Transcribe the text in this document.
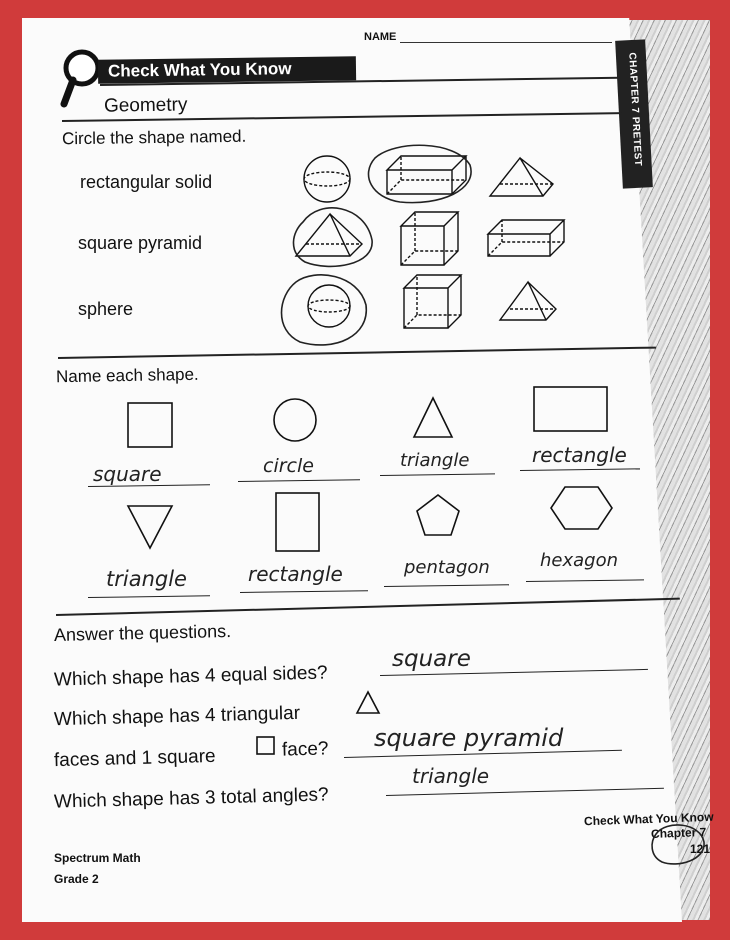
CHAPTER 7 PRETEST
NAME
Check What You Know
Geometry
Circle the shape named.
rectangular solid
square pyramid
sphere
Name each shape.
square	circle	triangle	rectangle
triangle	rectangle	pentagon	hexagon
Answer the questions.
Which shape has 4 equal sides?
square
Which shape has 4 triangular
faces and 1 square	face? square pyramid
Which shape has 3 total angles?
triangle
Check What You Know
Chapter 7
121
Spectrum Math
Grade 2
